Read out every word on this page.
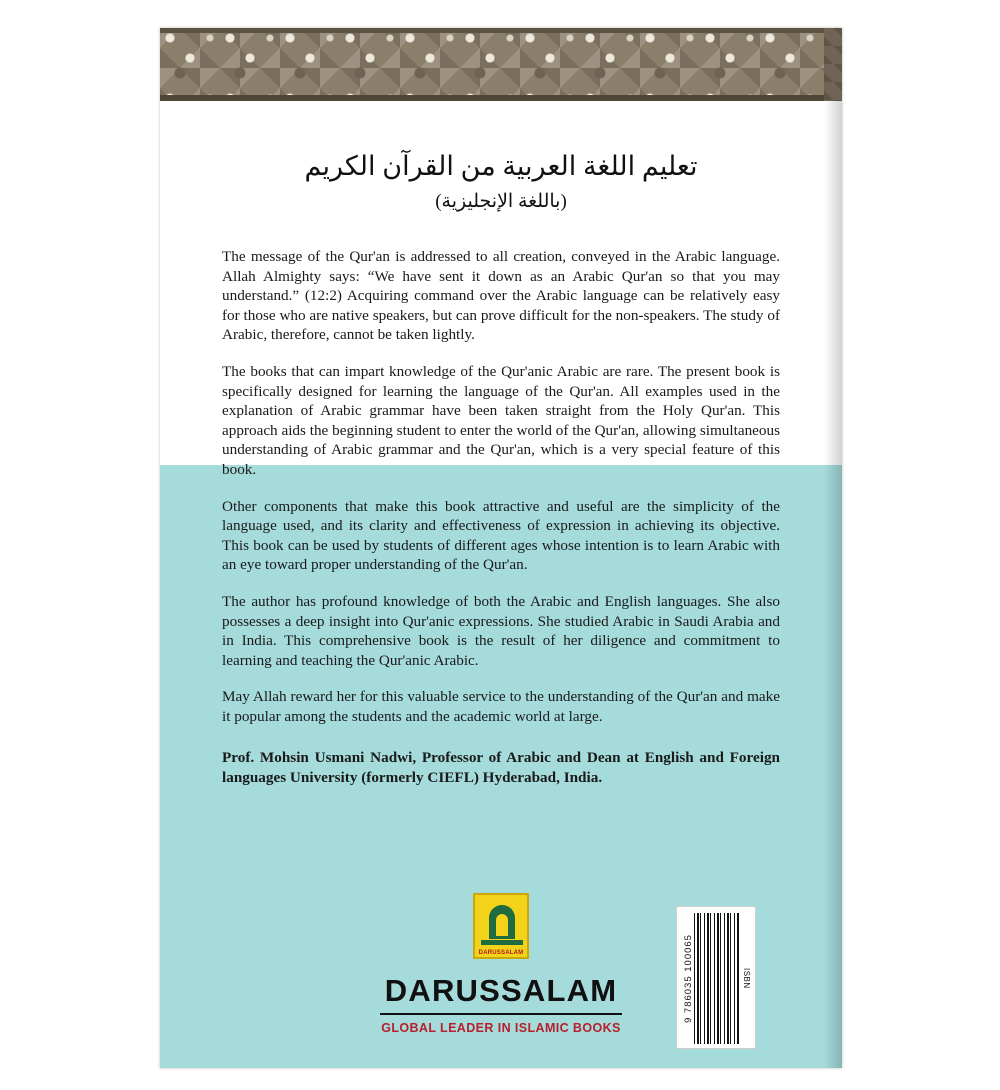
تعليم اللغة العربية من القرآن الكريم
(باللغة الإنجليزية)

The message of the Qur'an is addressed to all creation, conveyed in the Arabic language. Allah Almighty says: “We have sent it down as an Arabic Qur'an so that you may understand.” (12:2) Acquiring command over the Arabic language can be relatively easy for those who are native speakers, but can prove difficult for the non-speakers. The study of Arabic, therefore, cannot be taken lightly.

The books that can impart knowledge of the Qur'anic Arabic are rare. The present book is specifically designed for learning the language of the Qur'an. All examples used in the explanation of Arabic grammar have been taken straight from the Holy Qur'an. This approach aids the beginning student to enter the world of the Qur'an, allowing simultaneous understanding of Arabic grammar and the Qur'an, which is a very special feature of this book.

Other components that make this book attractive and useful are the simplicity of the language used, and its clarity and effectiveness of expression in achieving its objective. This book can be used by students of different ages whose intention is to learn Arabic with an eye toward proper understanding of the Qur'an.

The author has profound knowledge of both the Arabic and English languages. She also possesses a deep insight into Qur'anic expressions. She studied Arabic in Saudi Arabia and in India. This comprehensive book is the result of her diligence and commitment to learning and teaching the Qur'anic Arabic.

May Allah reward her for this valuable service to the understanding of the Qur'an and make it popular among the students and the academic world at large.

Prof. Mohsin Usmani Nadwi, Professor of Arabic and Dean at English and Foreign languages University (formerly CIEFL) Hyderabad, India.

DARUSSALAM
DARUSSALAM
GLOBAL LEADER IN ISLAMIC BOOKS
9 786035 100065	ISBN
